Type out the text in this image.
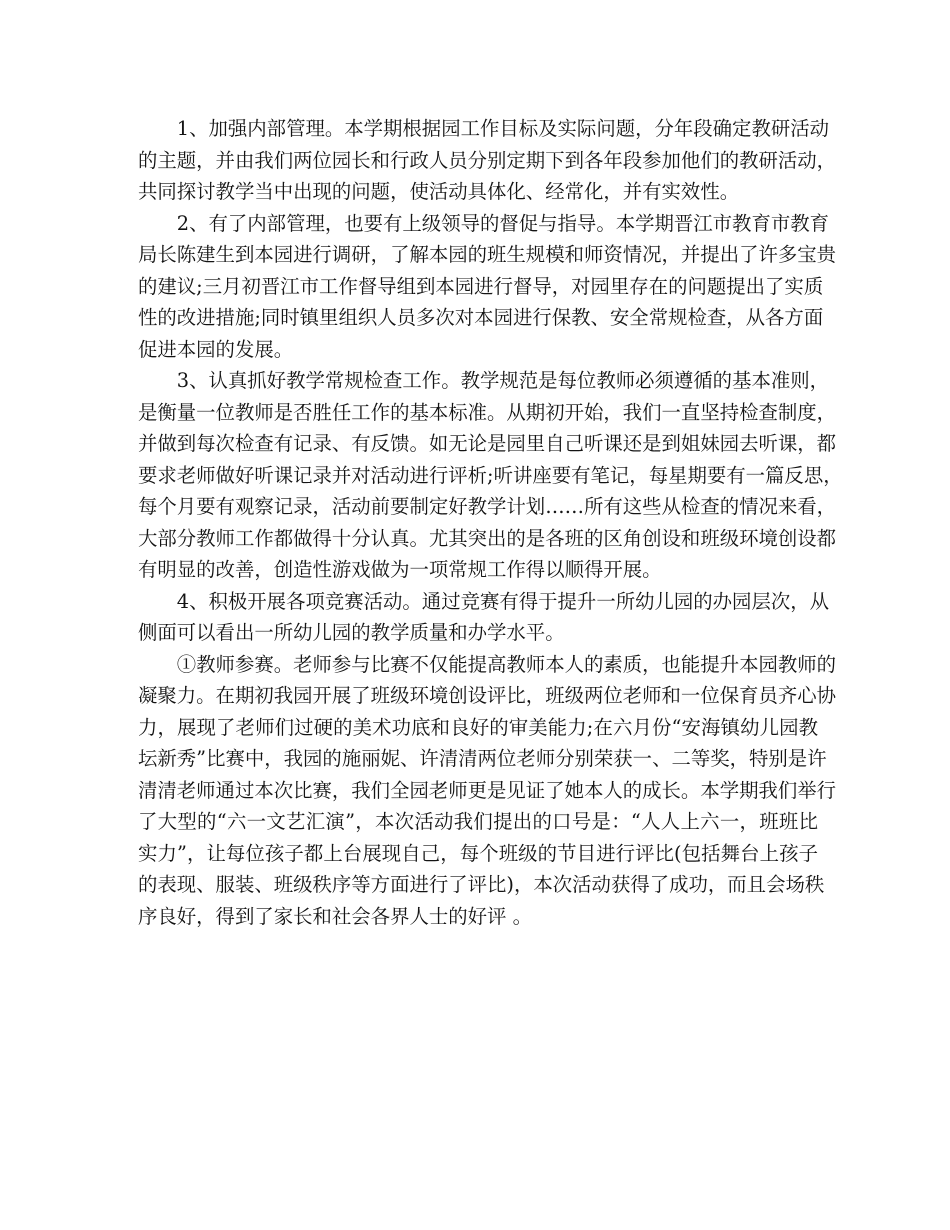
　　1、加强内部管理。本学期根据园工作目标及实际问题，分年段确定教研活动
的主题，并由我们两位园长和行政人员分别定期下到各年段参加他们的教研活动，
共同探讨教学当中出现的问题，使活动具体化、经常化，并有实效性。
　　2、有了内部管理，也要有上级领导的督促与指导。本学期晋江市教育市教育
局长陈建生到本园进行调研，了解本园的班生规模和师资情况，并提出了许多宝贵
的建议;三月初晋江市工作督导组到本园进行督导，对园里存在的问题提出了实质
性的改进措施;同时镇里组织人员多次对本园进行保教、安全常规检查，从各方面
促进本园的发展。
　　3、认真抓好教学常规检查工作。教学规范是每位教师必须遵循的基本准则，
是衡量一位教师是否胜任工作的基本标准。从期初开始，我们一直坚持检查制度，
并做到每次检查有记录、有反馈。如无论是园里自己听课还是到姐妹园去听课，都
要求老师做好听课记录并对活动进行评析;听讲座要有笔记，每星期要有一篇反思，
每个月要有观察记录，活动前要制定好教学计划……所有这些从检查的情况来看，
大部分教师工作都做得十分认真。尤其突出的是各班的区角创设和班级环境创设都
有明显的改善，创造性游戏做为一项常规工作得以顺得开展。
　　4、积极开展各项竞赛活动。通过竞赛有得于提升一所幼儿园的办园层次，从
侧面可以看出一所幼儿园的教学质量和办学水平。
　　①教师参赛。老师参与比赛不仅能提高教师本人的素质，也能提升本园教师的
凝聚力。在期初我园开展了班级环境创设评比，班级两位老师和一位保育员齐心协
力，展现了老师们过硬的美术功底和良好的审美能力;在六月份“安海镇幼儿园教
坛新秀”比赛中，我园的施丽妮、许清清两位老师分别荣获一、二等奖，特别是许
清清老师通过本次比赛，我们全园老师更是见证了她本人的成长。本学期我们举行
了大型的“六一文艺汇演”，本次活动我们提出的口号是：“人人上六一，班班比
实力”，让每位孩子都上台展现自己，每个班级的节目进行评比(包括舞台上孩子
的表现、服装、班级秩序等方面进行了评比)，本次活动获得了成功，而且会场秩
序良好，得到了家长和社会各界人士的好评 。
